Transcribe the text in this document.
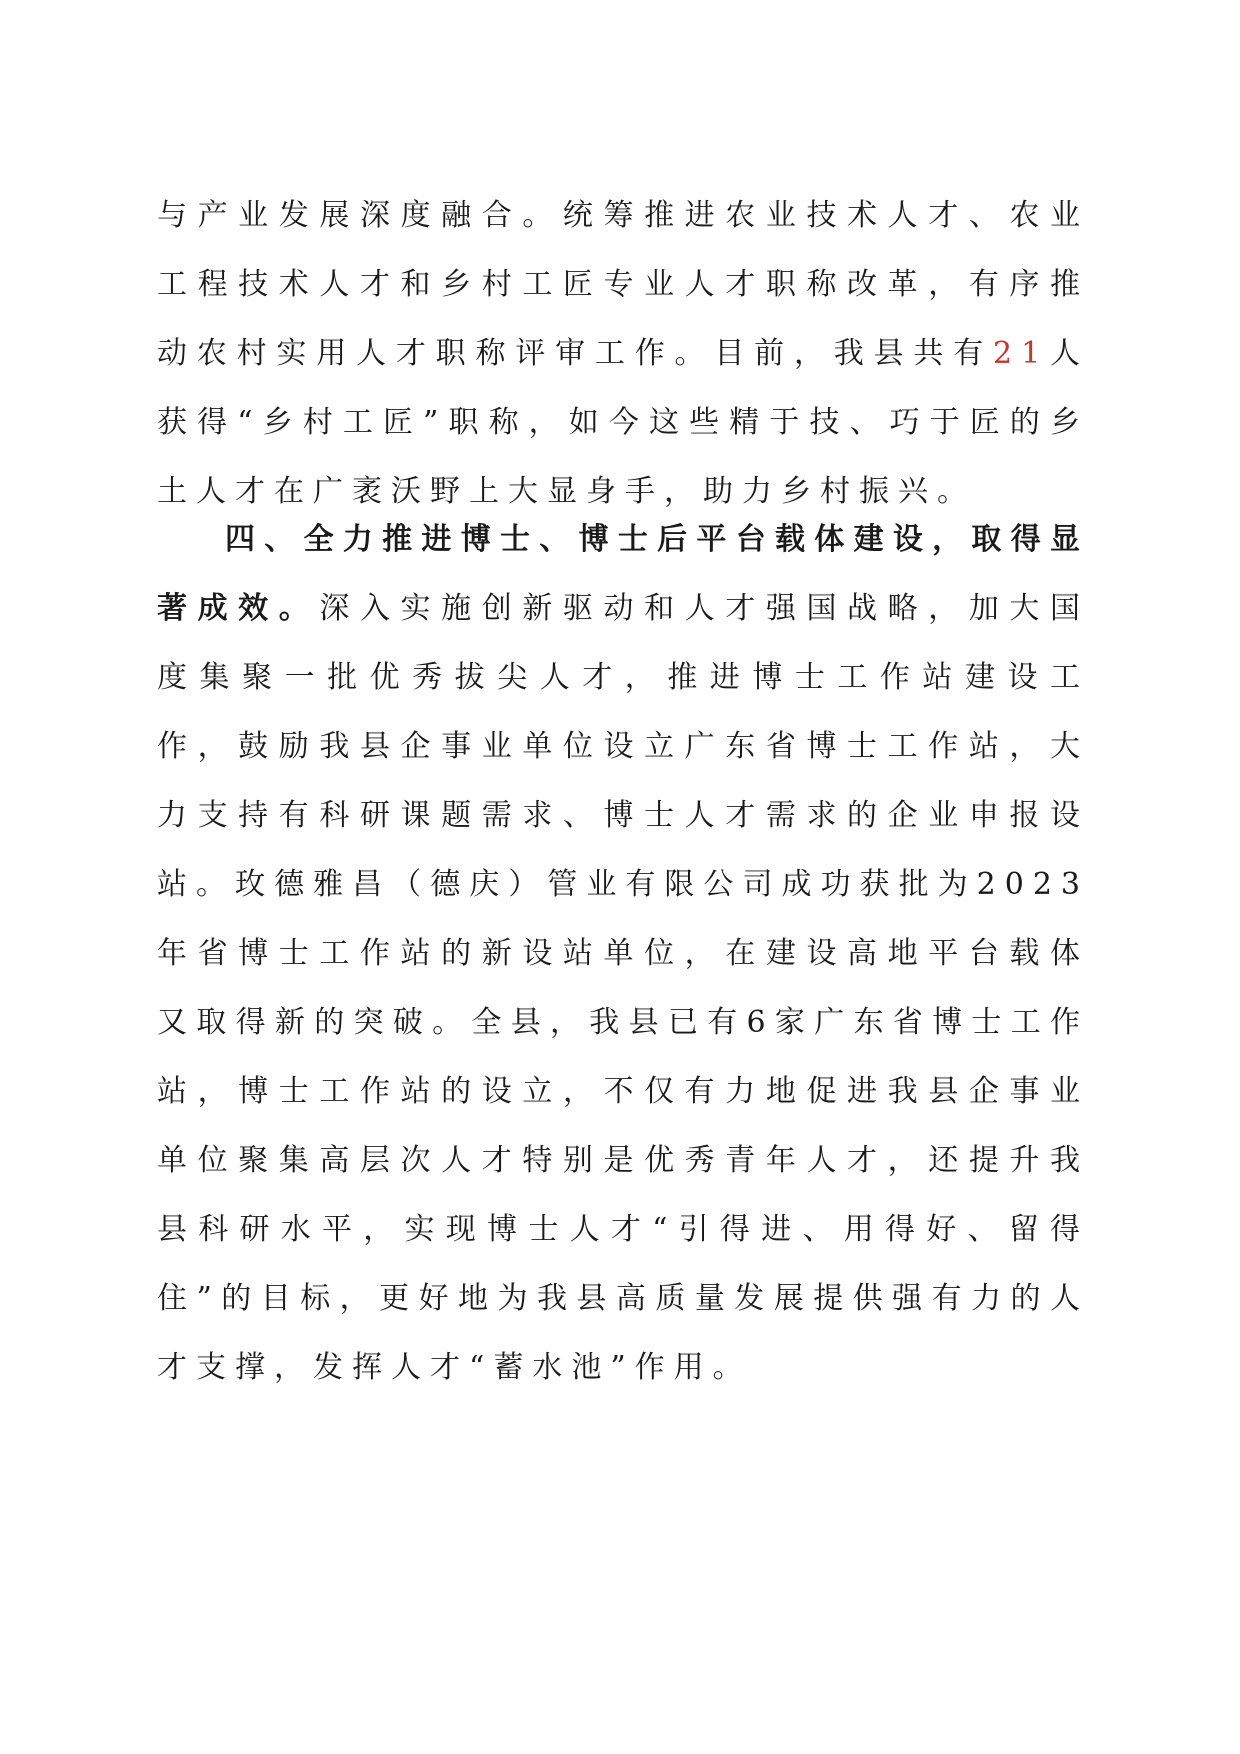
与产业发展深度融合。统筹推进农业技术人才、农业工程技术人才和乡村工匠专业人才职称改革，有序推动农村实用人才职称评审工作。目前，我县共有21人获得“乡村工匠”职称，如今这些精于技、巧于匠的乡土人才在广袤沃野上大显身手，助力乡村振兴。

四、全力推进博士、博士后平台载体建设，取得显著成效。深入实施创新驱动和人才强国战略，加大国度集聚一批优秀拔尖人才，推进博士工作站建设工作，鼓励我县企事业单位设立广东省博士工作站，大力支持有科研课题需求、博士人才需求的企业申报设站。玫德雅昌（德庆）管业有限公司成功获批为2023年省博士工作站的新设站单位，在建设高地平台载体又取得新的突破。全县，我县已有6家广东省博士工作站，博士工作站的设立，不仅有力地促进我县企事业单位聚集高层次人才特别是优秀青年人才，还提升我县科研水平，实现博士人才“引得进、用得好、留得住”的目标，更好地为我县高质量发展提供强有力的人才支撑，发挥人才“蓄水池”作用。
